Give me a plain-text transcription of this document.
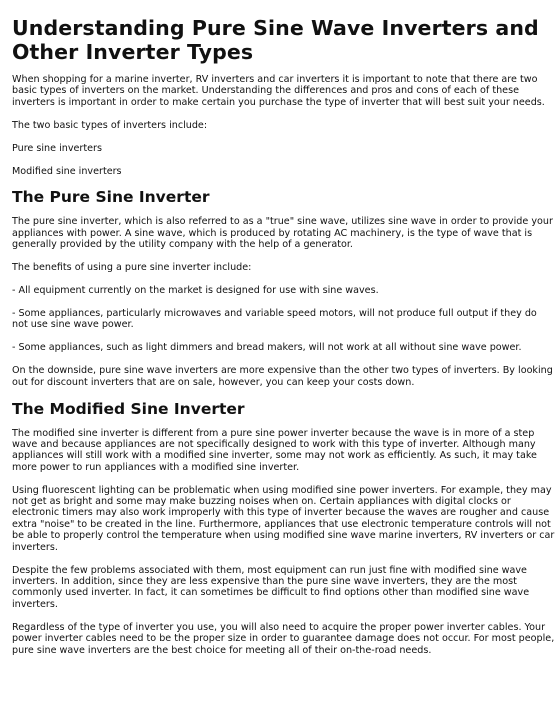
Understanding Pure Sine Wave Inverters and Other Inverter Types

When shopping for a marine inverter, RV inverters and car inverters it is important to note that there are two basic types of inverters on the market. Understanding the differences and pros and cons of each of these inverters is important in order to make certain you purchase the type of inverter that will best suit your needs.

The two basic types of inverters include:

Pure sine inverters

Modified sine inverters

The Pure Sine Inverter

The pure sine inverter, which is also referred to as a "true" sine wave, utilizes sine wave in order to provide your appliances with power. A sine wave, which is produced by rotating AC machinery, is the type of wave that is generally provided by the utility company with the help of a generator.

The benefits of using a pure sine inverter include:

- All equipment currently on the market is designed for use with sine waves.

- Some appliances, particularly microwaves and variable speed motors, will not produce full output if they do not use sine wave power.

- Some appliances, such as light dimmers and bread makers, will not work at all without sine wave power.

On the downside, pure sine wave inverters are more expensive than the other two types of inverters. By looking out for discount inverters that are on sale, however, you can keep your costs down.

The Modified Sine Inverter

The modified sine inverter is different from a pure sine power inverter because the wave is in more of a step wave and because appliances are not specifically designed to work with this type of inverter. Although many appliances will still work with a modified sine inverter, some may not work as efficiently. As such, it may take more power to run appliances with a modified sine inverter.

Using fluorescent lighting can be problematic when using modified sine power inverters. For example, they may not get as bright and some may make buzzing noises when on. Certain appliances with digital clocks or electronic timers may also work improperly with this type of inverter because the waves are rougher and cause extra "noise" to be created in the line. Furthermore, appliances that use electronic temperature controls will not be able to properly control the temperature when using modified sine wave marine inverters, RV inverters or car inverters.

Despite the few problems associated with them, most equipment can run just fine with modified sine wave inverters. In addition, since they are less expensive than the pure sine wave inverters, they are the most commonly used inverter. In fact, it can sometimes be difficult to find options other than modified sine wave inverters.

Regardless of the type of inverter you use, you will also need to acquire the proper power inverter cables. Your power inverter cables need to be the proper size in order to guarantee damage does not occur. For most people, pure sine wave inverters are the best choice for meeting all of their on-the-road needs.
